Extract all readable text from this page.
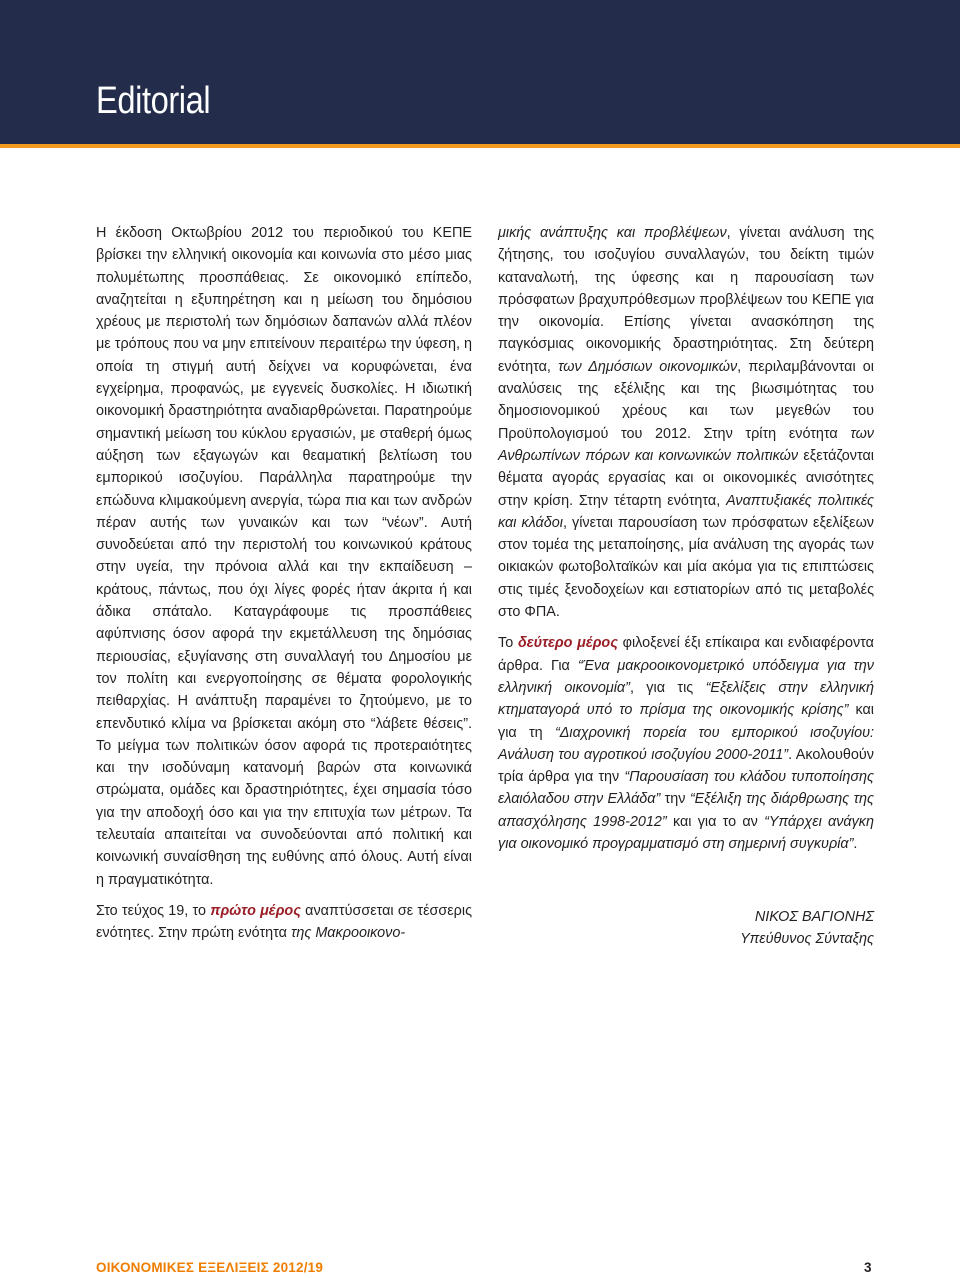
Editorial

Η έκδοση Οκτωβρίου 2012 του περιοδικού του ΚΕΠΕ βρίσκει την ελληνική οικονομία και κοινωνία στο μέσο μιας πολυμέτωπης προσπάθειας. Σε οικονομικό επίπεδο, αναζητείται η εξυπηρέτηση και η μείωση του δημόσιου χρέους με περιστολή των δημόσιων δαπανών αλλά πλέον με τρόπους που να μην επιτείνουν περαιτέρω την ύφεση, η οποία τη στιγμή αυτή δείχνει να κορυφώνεται, ένα εγχείρημα, προφανώς, με εγγενείς δυσκολίες. Η ιδιωτική οικονομική δραστηριότητα αναδιαρθρώνεται. Παρατηρούμε σημαντική μείωση του κύκλου εργασιών, με σταθερή όμως αύξηση των εξαγωγών και θεαματική βελτίωση του εμπορικού ισοζυγίου. Παράλληλα παρατηρούμε την επώδυνα κλιμακούμενη ανεργία, τώρα πια και των ανδρών πέραν αυτής των γυναικών και των “νέων”. Αυτή συνοδεύεται από την περιστολή του κοινωνικού κράτους στην υγεία, την πρόνοια αλλά και την εκπαίδευση – κράτους, πάντως, που όχι λίγες φορές ήταν άκριτα ή και άδικα σπάταλο. Καταγράφουμε τις προσπάθειες αφύπνισης όσον αφορά την εκμετάλλευση της δημόσιας περιουσίας, εξυγίανσης στη συναλλαγή του Δημοσίου με τον πολίτη και ενεργοποίησης σε θέματα φορολογικής πειθαρχίας. Η ανάπτυξη παραμένει το ζητούμενο, με το επενδυτικό κλίμα να βρίσκεται ακόμη στο “λάβετε θέσεις”. Το μείγμα των πολιτικών όσον αφορά τις προτεραιότητες και την ισοδύναμη κατανομή βαρών στα κοινωνικά στρώματα, ομάδες και δραστηριότητες, έχει σημασία τόσο για την αποδοχή όσο και για την επιτυχία των μέτρων. Τα τελευταία απαιτείται να συνοδεύονται από πολιτική και κοινωνική συναίσθηση της ευθύνης από όλους. Αυτή είναι η πραγματικότητα.

Στο τεύχος 19, το πρώτο μέρος αναπτύσσεται σε τέσσερις ενότητες. Στην πρώτη ενότητα της Μακροοικονο-

μικής ανάπτυξης και προβλέψεων, γίνεται ανάλυση της ζήτησης, του ισοζυγίου συναλλαγών, του δείκτη τιμών καταναλωτή, της ύφεσης και η παρουσίαση των πρόσφατων βραχυπρόθεσμων προβλέψεων του ΚΕΠΕ για την οικονομία. Επίσης γίνεται ανασκόπηση της παγκόσμιας οικονομικής δραστηριότητας. Στη δεύτερη ενότητα, των Δημόσιων οικονομικών, περιλαμβάνονται οι αναλύσεις της εξέλιξης και της βιωσιμότητας του δημοσιονομικού χρέους και των μεγεθών του Προϋπολογισμού του 2012. Στην τρίτη ενότητα των Ανθρωπίνων πόρων και κοινωνικών πολιτικών εξετάζονται θέματα αγοράς εργασίας και οι οικονομικές ανισότητες στην κρίση. Στην τέταρτη ενότητα, Αναπτυξιακές πολιτικές και κλάδοι, γίνεται παρουσίαση των πρόσφατων εξελίξεων στον τομέα της μεταποίησης, μία ανάλυση της αγοράς των οικιακών φωτοβολταϊκών και μία ακόμα για τις επιπτώσεις στις τιμές ξενοδοχείων και εστιατορίων από τις μεταβολές στο ΦΠΑ.

Το δεύτερο μέρος φιλοξενεί έξι επίκαιρα και ενδιαφέροντα άρθρα. Για “Ένα μακροοικονομετρικό υπόδειγμα για την ελληνική οικονομία”, για τις “Εξελίξεις στην ελληνική κτηματαγορά υπό το πρίσμα της οικονομικής κρίσης” και για τη “Διαχρονική πορεία του εμπορικού ισοζυγίου: Ανάλυση του αγροτικού ισοζυγίου 2000-2011”. Ακολουθούν τρία άρθρα για την “Παρουσίαση του κλάδου τυποποίησης ελαιόλαδου στην Ελλάδα” την “Εξέλιξη της διάρθρωσης της απασχόλησης 1998-2012” και για το αν “Υπάρχει ανάγκη για οικονομικό προγραμματισμό στη σημερινή συγκυρία”.

ΝΙΚΟΣ ΒΑΓΙΟΝΗΣ
Υπεύθυνος Σύνταξης
ΟΙΚΟΝΟΜΙΚΕΣ ΕΞΕΛΙΞΕΙΣ 2012/19	3
